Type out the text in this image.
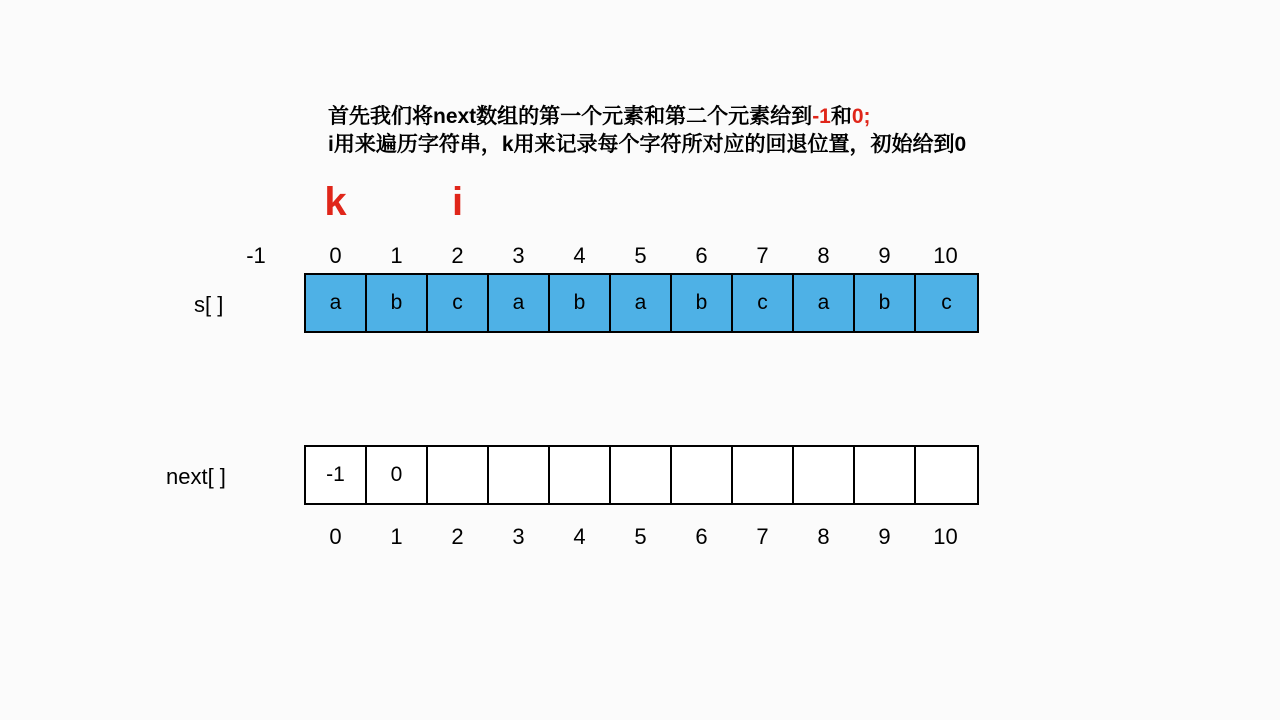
首先我们将next数组的第一个元素和第二个元素给到-1和0;
i用来遍历字符串，k用来记录每个字符所对应的回退位置，初始给到0
k	i
-1	0	1	2	3	4	5	6	7	8	9	10
s[ ]	a	b	c	a	b	a	b	c	a	b	c
next[ ]	-1	0
0	1	2	3	4	5	6	7	8	9	10
